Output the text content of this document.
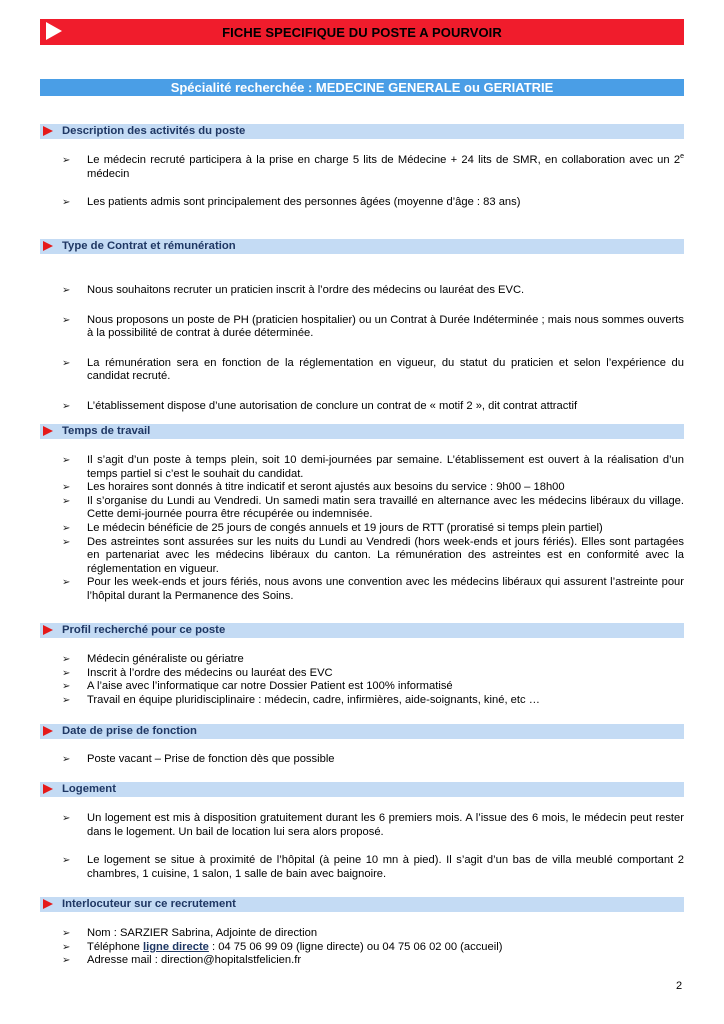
FICHE SPECIFIQUE DU POSTE A POURVOIR
Spécialité recherchée : MEDECINE GENERALE ou GERIATRIE
Description des activités du poste
➢ Le médecin recruté participera à la prise en charge 5 lits de Médecine + 24 lits de SMR, en collaboration avec un 2e médecin
➢ Les patients admis sont principalement des personnes âgées (moyenne d’âge : 83 ans)
Type de Contrat et rémunération
➢ Nous souhaitons recruter un praticien inscrit à l’ordre des médecins ou lauréat des EVC.
➢ Nous proposons un poste de PH (praticien hospitalier) ou un Contrat à Durée Indéterminée ; mais nous sommes ouverts à la possibilité de contrat à durée déterminée.
➢ La rémunération sera en fonction de la réglementation en vigueur, du statut du praticien et selon l’expérience du candidat recruté.
➢ L’établissement dispose d’une autorisation de conclure un contrat de « motif 2 », dit contrat attractif
Temps de travail
➢ Il s’agit d’un poste à temps plein, soit 10 demi-journées par semaine. L’établissement est ouvert à la réalisation d’un temps partiel si c’est le souhait du candidat.
➢ Les horaires sont donnés à titre indicatif et seront ajustés aux besoins du service : 9h00 – 18h00
➢ Il s’organise du Lundi au Vendredi. Un samedi matin sera travaillé en alternance avec les médecins libéraux du village. Cette demi-journée pourra être récupérée ou indemnisée.
➢ Le médecin bénéficie de 25 jours de congés annuels et 19 jours de RTT (proratisé si temps plein partiel)
➢ Des astreintes sont assurées sur les nuits du Lundi au Vendredi (hors week-ends et jours fériés). Elles sont partagées en partenariat avec les médecins libéraux du canton. La rémunération des astreintes est en conformité avec la réglementation en vigueur.
➢ Pour les week-ends et jours fériés, nous avons une convention avec les médecins libéraux qui assurent l’astreinte pour l’hôpital durant la Permanence des Soins.
Profil recherché pour ce poste
➢ Médecin généraliste ou gériatre
➢ Inscrit à l’ordre des médecins ou lauréat des EVC
➢ A l’aise avec l’informatique car notre Dossier Patient est 100% informatisé
➢ Travail en équipe pluridisciplinaire : médecin, cadre, infirmières, aide-soignants, kiné, etc …
Date de prise de fonction
➢ Poste vacant – Prise de fonction dès que possible
Logement
➢ Un logement est mis à disposition gratuitement durant les 6 premiers mois. A l’issue des 6 mois, le médecin peut rester dans le logement. Un bail de location lui sera alors proposé.
➢ Le logement se situe à proximité de l’hôpital (à peine 10 mn à pied). Il s’agit d’un bas de villa meublé comportant 2 chambres, 1 cuisine, 1 salon, 1 salle de bain avec baignoire.
Interlocuteur sur ce recrutement
➢ Nom : SARZIER Sabrina, Adjointe de direction
➢ Téléphone ligne directe : 04 75 06 99 09 (ligne directe) ou 04 75 06 02 00 (accueil)
➢ Adresse mail : direction@hopitalstfelicien.fr
2
